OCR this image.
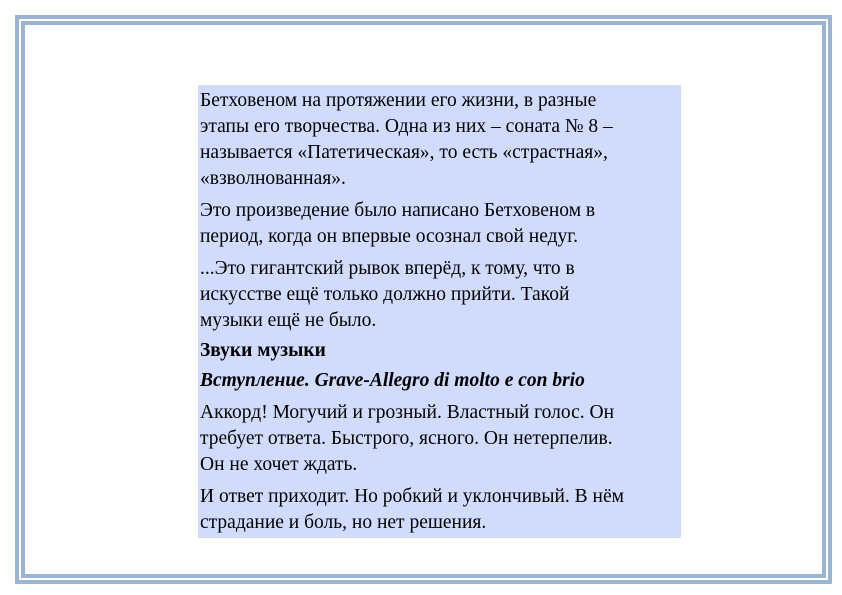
Бетховеном на протяжении его жизни, в разные
этапы его творчества. Одна из них – соната № 8 –
называется «Патетическая», то есть «страстная»,
«взволнованная».

Это произведение было написано Бетховеном в
период, когда он впервые осознал свой недуг.

...Это гигантский рывок вперёд, к тому, что в
искусстве ещё только должно прийти. Такой
музыки ещё не было.

Звуки музыки

Вступление. Grave-Allegro di molto e con brio

Аккорд! Могучий и грозный. Властный голос. Он
требует ответа. Быстрого, ясного. Он нетерпелив.
Он не хочет ждать.

И ответ приходит. Но робкий и уклончивый. В нём
страдание и боль, но нет решения.
